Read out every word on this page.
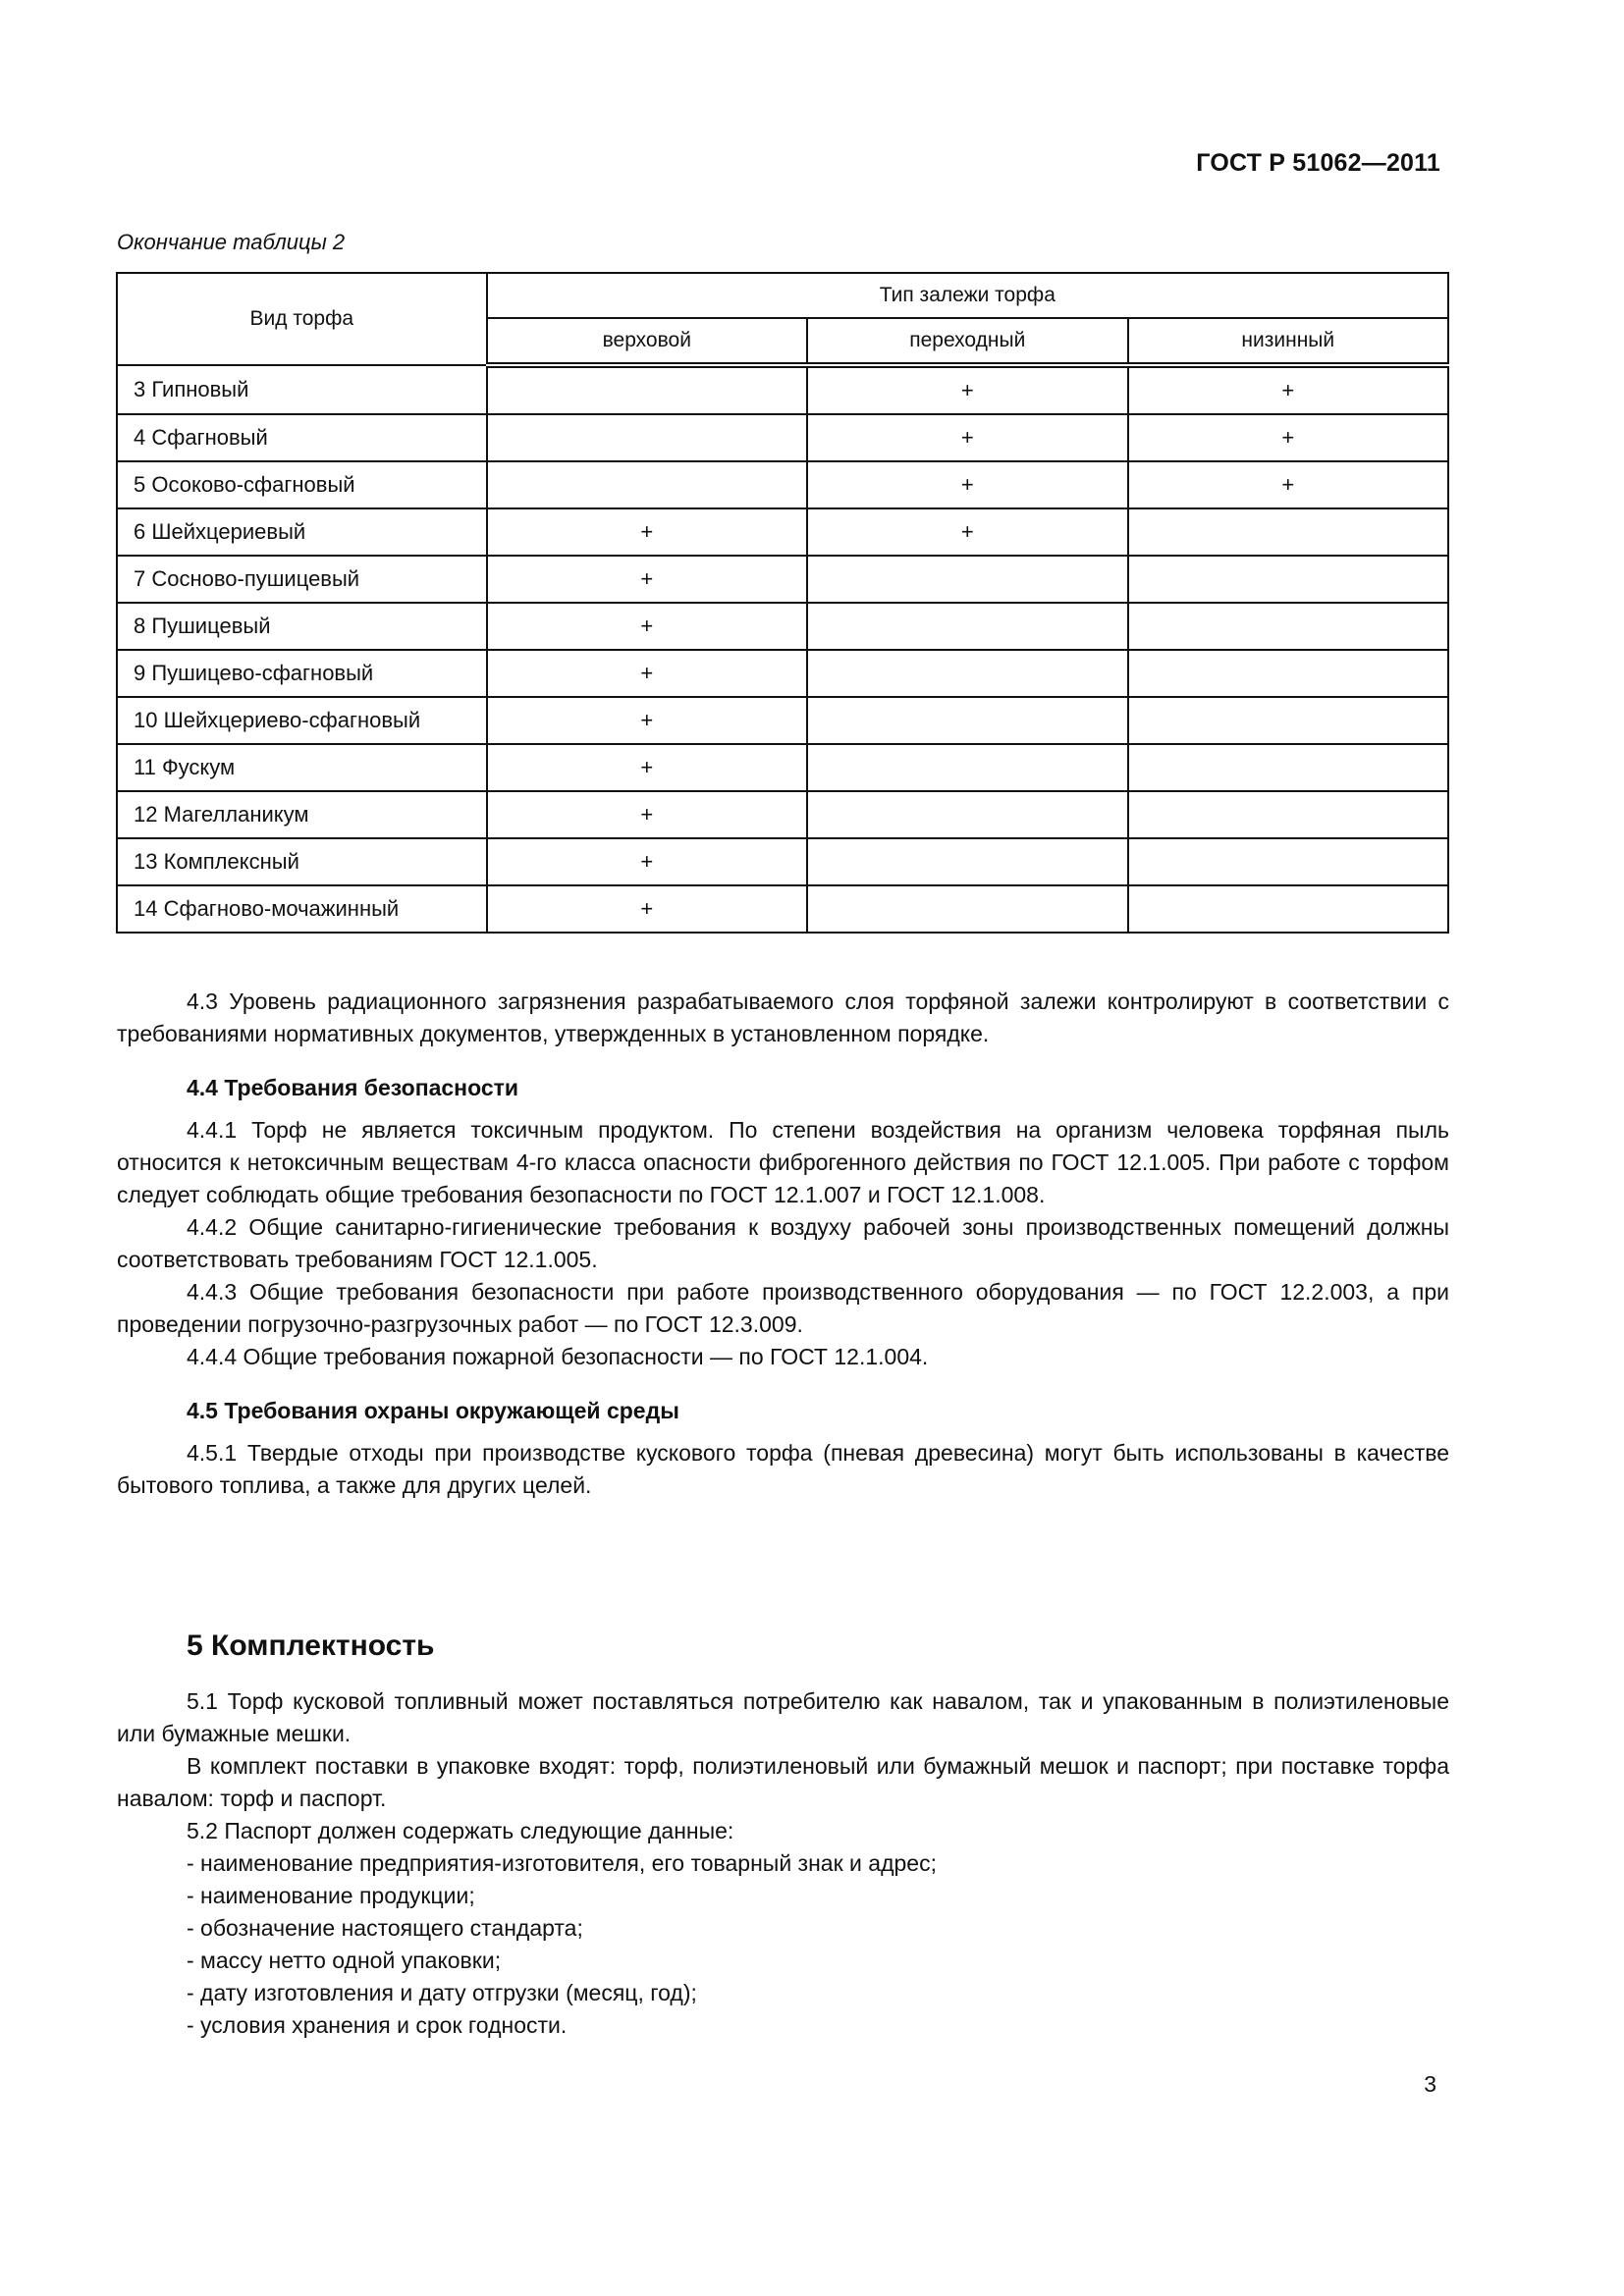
ГОСТ Р 51062—2011
Окончание таблицы 2
Вид торфа	Тип залежи торфа		
	верховой	переходный	низинный
3 Гипновый		+	+
4 Сфагновый		+	+
5 Осоково-сфагновый		+	+
6 Шейхцериевый	+	+	
7 Сосново-пушицевый	+		
8 Пушицевый	+		
9 Пушицево-сфагновый	+		
10 Шейхцериево-сфагновый	+		
11 Фускум	+		
12 Магелланикум	+		
13 Комплексный	+		
14 Сфагново-мочажинный	+		

4.3 Уровень радиационного загрязнения разрабатываемого слоя торфяной залежи контролируют в соответствии с требованиями нормативных документов, утвержденных в установленном порядке.

4.4 Требования безопасности

4.4.1 Торф не является токсичным продуктом. По степени воздействия на организм человека торфяная пыль относится к нетоксичным веществам 4-го класса опасности фиброгенного действия по ГОСТ 12.1.005. При работе с торфом следует соблюдать общие требования безопасности по ГОСТ 12.1.007 и ГОСТ 12.1.008.

4.4.2 Общие санитарно-гигиенические требования к воздуху рабочей зоны производственных помещений должны соответствовать требованиям ГОСТ 12.1.005.

4.4.3 Общие требования безопасности при работе производственного оборудования — по ГОСТ 12.2.003, а при проведении погрузочно-разгрузочных работ — по ГОСТ 12.3.009.

4.4.4 Общие требования пожарной безопасности — по ГОСТ 12.1.004.

4.5 Требования охраны окружающей среды

4.5.1 Твердые отходы при производстве кускового торфа (пневая древесина) могут быть использованы в качестве бытового топлива, а также для других целей.

5 Комплектность

5.1 Торф кусковой топливный может поставляться потребителю как навалом, так и упакованным в полиэтиленовые или бумажные мешки.

В комплект поставки в упаковке входят: торф, полиэтиленовый или бумажный мешок и паспорт; при поставке торфа навалом: торф и паспорт.

5.2 Паспорт должен содержать следующие данные:

- наименование предприятия-изготовителя, его товарный знак и адрес;

- наименование продукции;

- обозначение настоящего стандарта;

- массу нетто одной упаковки;

- дату изготовления и дату отгрузки (месяц, год);

- условия хранения и срок годности.

3
